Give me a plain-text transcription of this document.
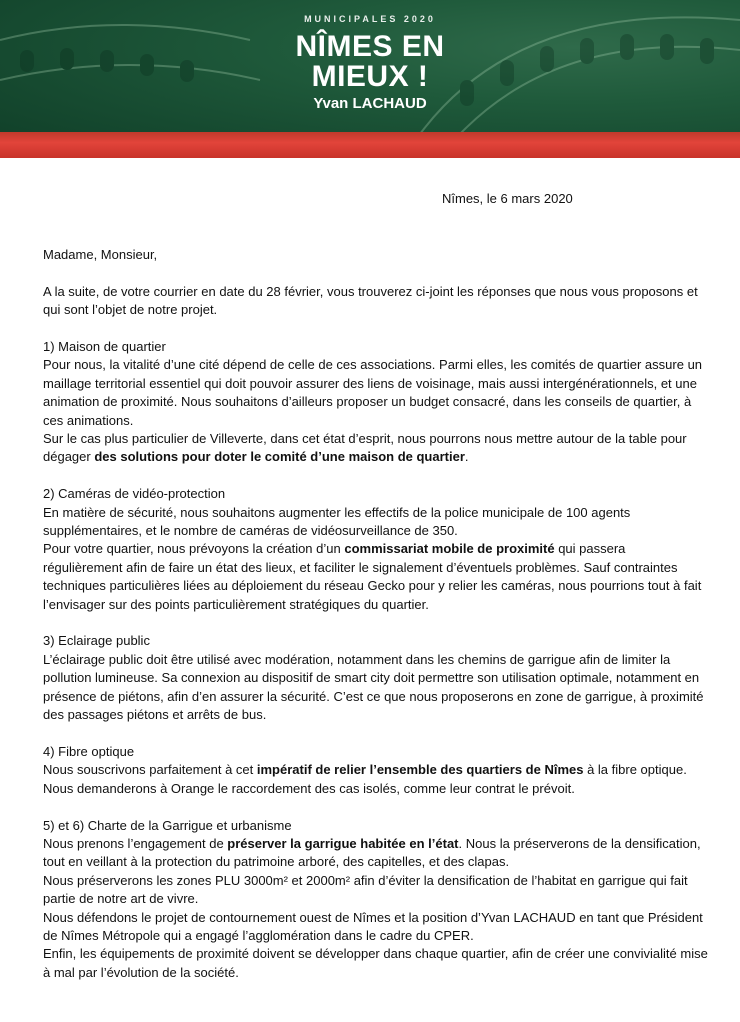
MUNICIPALES 2020
NÎMES EN
MIEUX !
Yvan LACHAUD
Nîmes, le 6 mars 2020

Madame, Monsieur,

A la suite, de votre courrier en date du 28 février, vous trouverez ci-joint les réponses que nous vous proposons et qui sont l’objet de notre projet.

1) Maison de quartier

Pour nous, la vitalité d’une cité dépend de celle de ces associations. Parmi elles, les comités de quartier assure un maillage territorial essentiel qui doit pouvoir assurer des liens de voisinage, mais aussi intergénérationnels, et une animation de proximité. Nous souhaitons d’ailleurs proposer un budget consacré, dans les conseils de quartier, à ces animations.

Sur le cas plus particulier de Villeverte, dans cet état d’esprit, nous pourrons nous mettre autour de la table pour dégager des solutions pour doter le comité d’une maison de quartier.

2) Caméras de vidéo-protection

En matière de sécurité, nous souhaitons augmenter les effectifs de la police municipale de 100 agents supplémentaires, et le nombre de caméras de vidéosurveillance de 350.

Pour votre quartier, nous prévoyons la création d’un commissariat mobile de proximité qui passera régulièrement afin de faire un état des lieux, et faciliter le signalement d’éventuels problèmes. Sauf contraintes techniques particulières liées au déploiement du réseau Gecko pour y relier les caméras, nous pourrions tout à fait l’envisager sur des points particulièrement stratégiques du quartier.

3) Eclairage public

L’éclairage public doit être utilisé avec modération, notamment dans les chemins de garrigue afin de limiter la pollution lumineuse. Sa connexion au dispositif de smart city doit permettre son utilisation optimale, notamment en présence de piétons, afin d’en assurer la sécurité. C’est ce que nous proposerons en zone de garrigue, à proximité des passages piétons et arrêts de bus.

4) Fibre optique

Nous souscrivons parfaitement à cet impératif de relier l’ensemble des quartiers de Nîmes à la fibre optique. Nous demanderons à Orange le raccordement des cas isolés, comme leur contrat le prévoit.

5) et 6) Charte de la Garrigue et urbanisme

Nous prenons l’engagement de préserver la garrigue habitée en l’état. Nous la préserverons de la densification, tout en veillant à la protection du patrimoine arboré, des capitelles, et des clapas.

Nous préserverons les zones PLU 3000m² et 2000m² afin d’éviter la densification de l’habitat en garrigue qui fait partie de notre art de vivre.

Nous défendons le projet de contournement ouest de Nîmes et la position d’Yvan LACHAUD en tant que Président de Nîmes Métropole qui a engagé l’agglomération dans le cadre du CPER.

Enfin, les équipements de proximité doivent se développer dans chaque quartier, afin de créer une convivialité mise à mal par l’évolution de la société.
